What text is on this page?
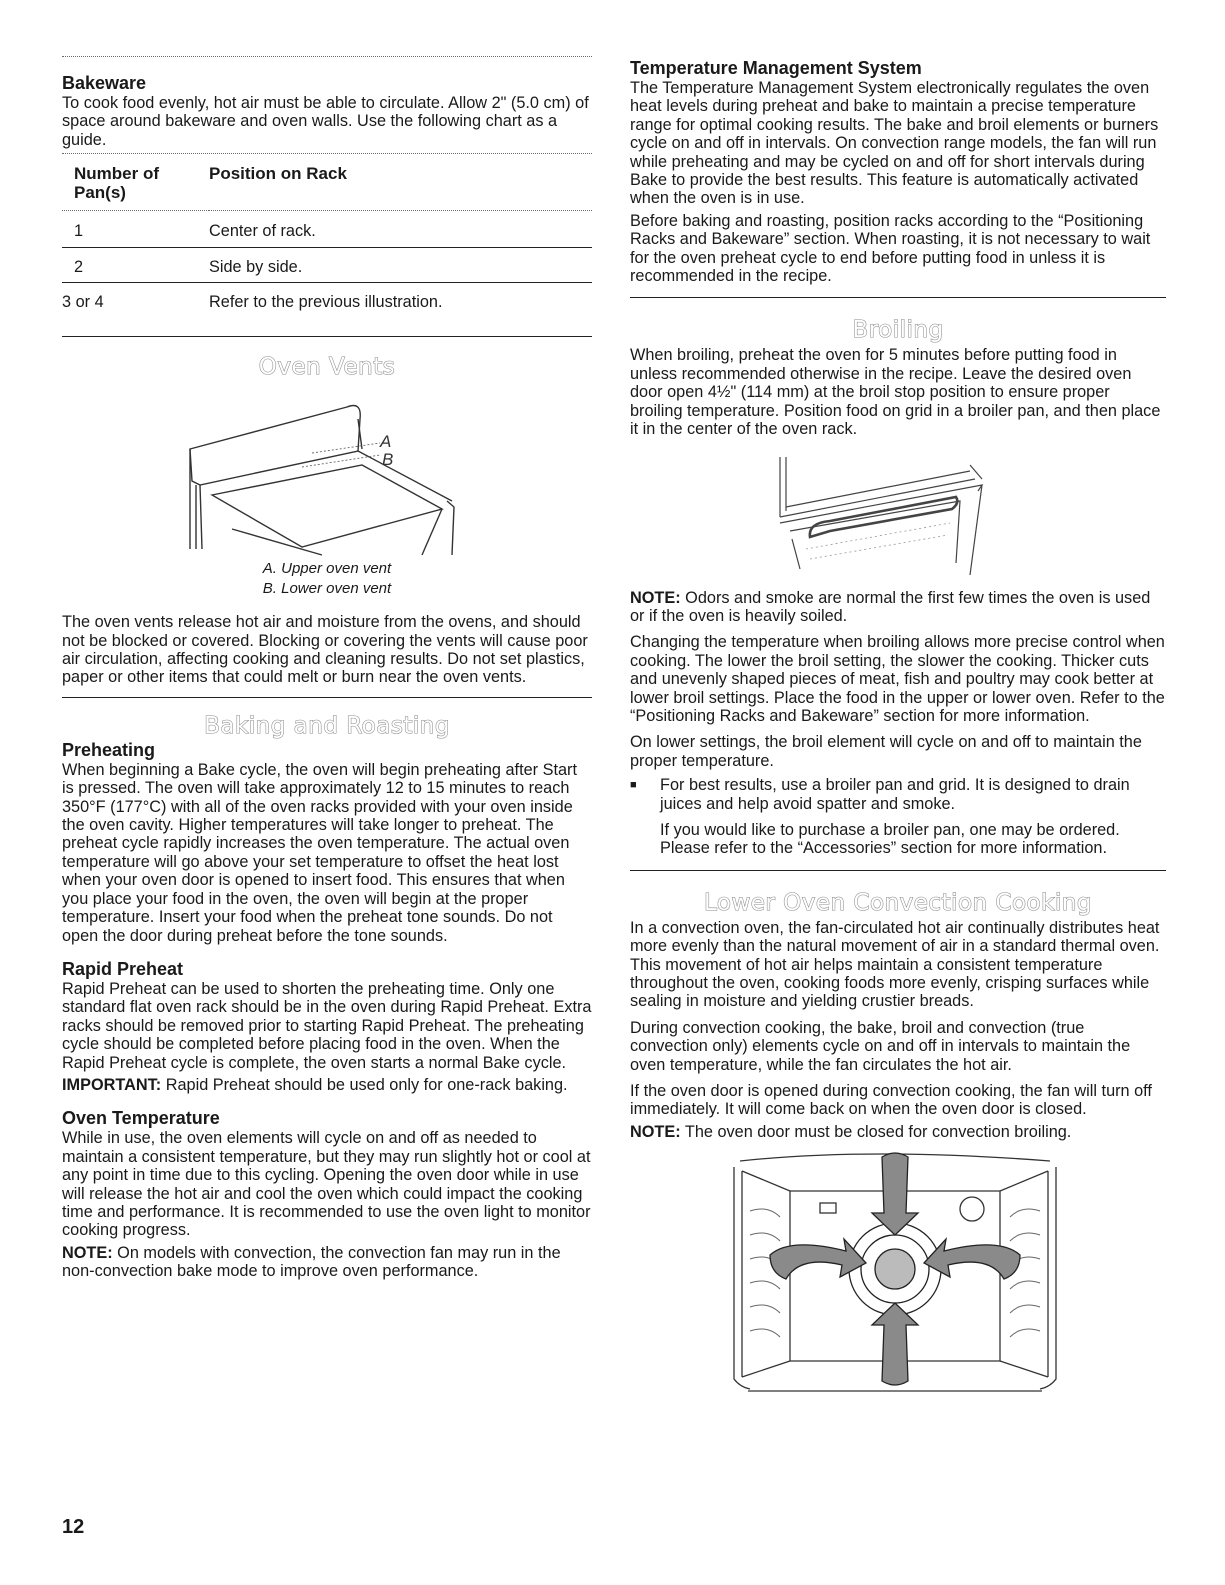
Bakeware

To cook food evenly, hot air must be able to circulate. Allow 2" (5.0 cm) of space around bakeware and oven walls. Use the following chart as a guide.

Number of Pan(s)	Position on Rack
1	Center of rack.
2	Side by side.
3 or 4	Refer to the previous illustration.
Oven Vents
A
B
A. Upper oven vent
B. Lower oven vent

The oven vents release hot air and moisture from the ovens, and should not be blocked or covered. Blocking or covering the vents will cause poor air circulation, affecting cooking and cleaning results. Do not set plastics, paper or other items that could melt or burn near the oven vents.

Baking and Roasting
Preheating

When beginning a Bake cycle, the oven will begin preheating after Start is pressed. The oven will take approximately 12 to 15 minutes to reach 350°F (177°C) with all of the oven racks provided with your oven inside the oven cavity. Higher temperatures will take longer to preheat. The preheat cycle rapidly increases the oven temperature. The actual oven temperature will go above your set temperature to offset the heat lost when your oven door is opened to insert food. This ensures that when you place your food in the oven, the oven will begin at the proper temperature. Insert your food when the preheat tone sounds. Do not open the door during preheat before the tone sounds.

Rapid Preheat

Rapid Preheat can be used to shorten the preheating time. Only one standard flat oven rack should be in the oven during Rapid Preheat. Extra racks should be removed prior to starting Rapid Preheat. The preheating cycle should be completed before placing food in the oven. When the Rapid Preheat cycle is complete, the oven starts a normal Bake cycle.

IMPORTANT: Rapid Preheat should be used only for one-rack baking.

Oven Temperature

While in use, the oven elements will cycle on and off as needed to maintain a consistent temperature, but they may run slightly hot or cool at any point in time due to this cycling. Opening the oven door while in use will release the hot air and cool the oven which could impact the cooking time and performance. It is recommended to use the oven light to monitor cooking progress.

NOTE: On models with convection, the convection fan may run in the non-convection bake mode to improve oven performance.

Temperature Management System

The Temperature Management System electronically regulates the oven heat levels during preheat and bake to maintain a precise temperature range for optimal cooking results. The bake and broil elements or burners cycle on and off in intervals. On convection range models, the fan will run while preheating and may be cycled on and off for short intervals during Bake to provide the best results. This feature is automatically activated when the oven is in use.

Before baking and roasting, position racks according to the “Positioning Racks and Bakeware” section. When roasting, it is not necessary to wait for the oven preheat cycle to end before putting food in unless it is recommended in the recipe.

Broiling

When broiling, preheat the oven for 5 minutes before putting food in unless recommended otherwise in the recipe. Leave the desired oven door open 4½" (114 mm) at the broil stop position to ensure proper broiling temperature. Position food on grid in a broiler pan, and then place it in the center of the oven rack.

NOTE: Odors and smoke are normal the first few times the oven is used or if the oven is heavily soiled.

Changing the temperature when broiling allows more precise control when cooking. The lower the broil setting, the slower the cooking. Thicker cuts and unevenly shaped pieces of meat, fish and poultry may cook better at lower broil settings. Place the food in the upper or lower oven. Refer to the “Positioning Racks and Bakeware” section for more information.

On lower settings, the broil element will cycle on and off to maintain the proper temperature.

■	For best results, use a broiler pan and grid. It is designed to drain juices and help avoid spatter and smoke.

If you would like to purchase a broiler pan, one may be ordered. Please refer to the “Accessories” section for more information.

Lower Oven Convection Cooking

In a convection oven, the fan-circulated hot air continually distributes heat more evenly than the natural movement of air in a standard thermal oven. This movement of hot air helps maintain a consistent temperature throughout the oven, cooking foods more evenly, crisping surfaces while sealing in moisture and yielding crustier breads.

During convection cooking, the bake, broil and convection (true convection only) elements cycle on and off in intervals to maintain the oven temperature, while the fan circulates the hot air.

If the oven door is opened during convection cooking, the fan will turn off immediately. It will come back on when the oven door is closed.

NOTE: The oven door must be closed for convection broiling.

12
